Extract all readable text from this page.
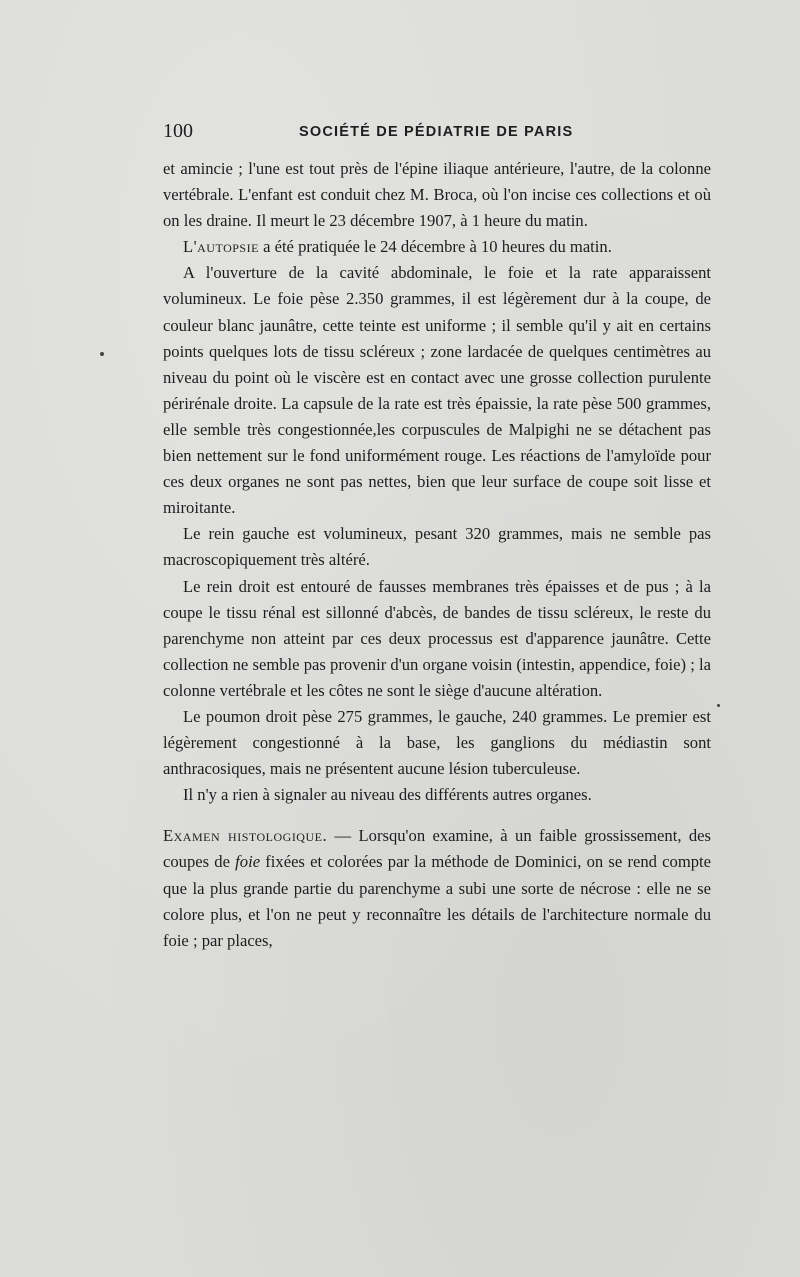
100	SOCIÉTÉ DE PÉDIATRIE DE PARIS

et amincie ; l'une est tout près de l'épine iliaque antérieure, l'autre, de la colonne vertébrale. L'enfant est conduit chez M. Broca, où l'on incise ces collections et où on les draine. Il meurt le 23 décembre 1907, à 1 heure du matin.

L'autopsie a été pratiquée le 24 décembre à 10 heures du matin.

A l'ouverture de la cavité abdominale, le foie et la rate apparaissent volumineux. Le foie pèse 2.350 grammes, il est légèrement dur à la coupe, de couleur blanc jaunâtre, cette teinte est uniforme ; il semble qu'il y ait en certains points quelques lots de tissu scléreux ; zone lardacée de quelques centimètres au niveau du point où le viscère est en contact avec une grosse collection purulente périrénale droite. La capsule de la rate est très épaissie, la rate pèse 500 grammes, elle semble très congestionnée,les corpuscules de Malpighi ne se détachent pas bien nettement sur le fond uniformément rouge. Les réactions de l'amyloïde pour ces deux organes ne sont pas nettes, bien que leur surface de coupe soit lisse et miroitante.

Le rein gauche est volumineux, pesant 320 grammes, mais ne semble pas macroscopiquement très altéré.

Le rein droit est entouré de fausses membranes très épaisses et de pus ; à la coupe le tissu rénal est sillonné d'abcès, de bandes de tissu scléreux, le reste du parenchyme non atteint par ces deux processus est d'apparence jaunâtre. Cette collection ne semble pas provenir d'un organe voisin (intestin, appendice, foie) ; la colonne vertébrale et les côtes ne sont le siège d'aucune altération.

Le poumon droit pèse 275 grammes, le gauche, 240 grammes. Le premier est légèrement congestionné à la base, les ganglions du médiastin sont anthracosiques, mais ne présentent aucune lésion tuberculeuse.

Il n'y a rien à signaler au niveau des différents autres organes.

Examen histologique. — Lorsqu'on examine, à un faible grossissement, des coupes de foie fixées et colorées par la méthode de Dominici, on se rend compte que la plus grande partie du parenchyme a subi une sorte de nécrose : elle ne se colore plus, et l'on ne peut y reconnaître les détails de l'architecture normale du foie ; par places,
